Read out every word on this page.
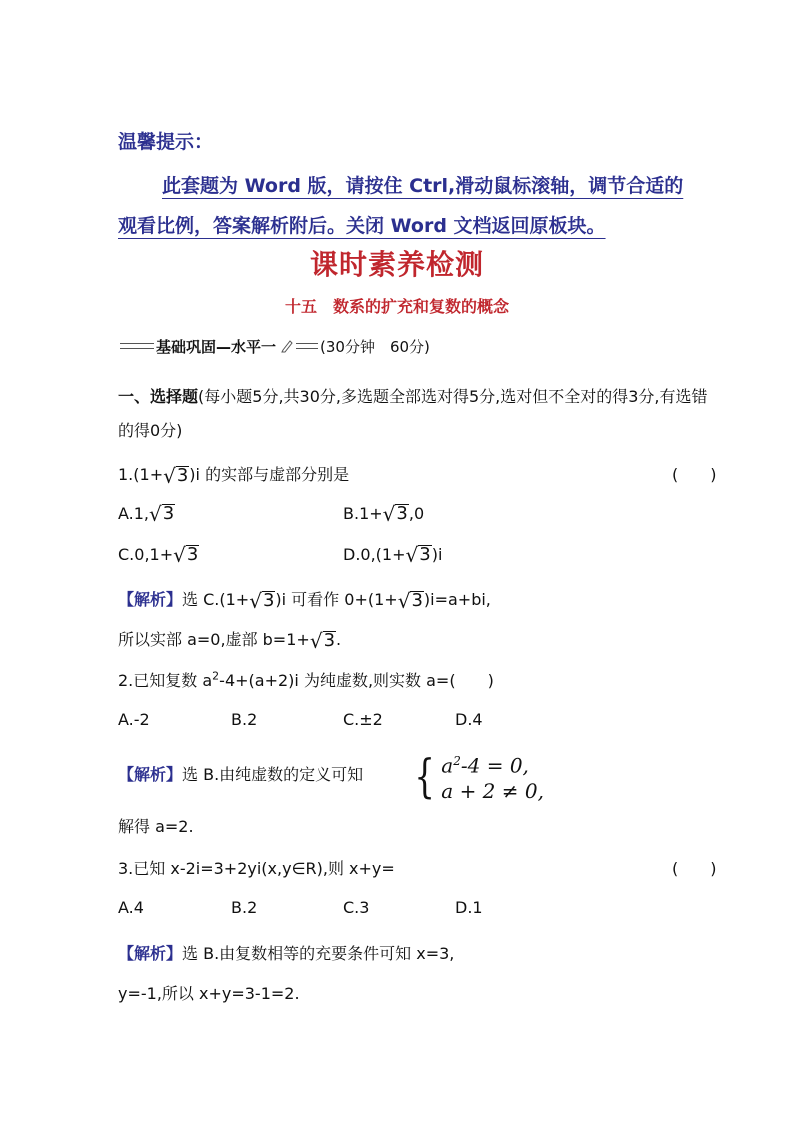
温馨提示：
此套题为 Word 版，请按住 Ctrl,滑动鼠标滚轴，调节合适的观看比例，答案解析附后。关闭 Word 文档返回原板块。
课时素养检测
十五　数系的扩充和复数的概念
基础巩固—水平一	(30分钟　60分)
一、选择题(每小题5分,共30分,多选题全部选对得5分,选对但不全对的得3分,有选错的得0分)
1.(1+ √ 3 )i 的实部与虚部分别是	(　　)
A.1, √ 3	B.1+ √ 3 ,0
C.0,1+ √ 3	D.0,(1+ √ 3 )i
【解析】选 C.(1+ √ 3 )i 可看作 0+(1+ √ 3 )i=a+bi,
所以实部 a=0,虚部 b=1+ √ 3 .
2.已知复数 $a^2-4+(a+2)i$ 为纯虚数,则实数 a=(　　)
A.-2	B.2	C.±2	D.4
【解析】选 B.由纯虚数的定义可知 { $a^2-4 = 0$,
a + 2 ≠ 0,
解得 a=2.
3.已知 x-2i=3+2yi(x,y∈R),则 x+y=	(　　)
A.4	B.2	C.3	D.1
【解析】选 B.由复数相等的充要条件可知 x=3,
y=-1,所以 x+y=3-1=2.
